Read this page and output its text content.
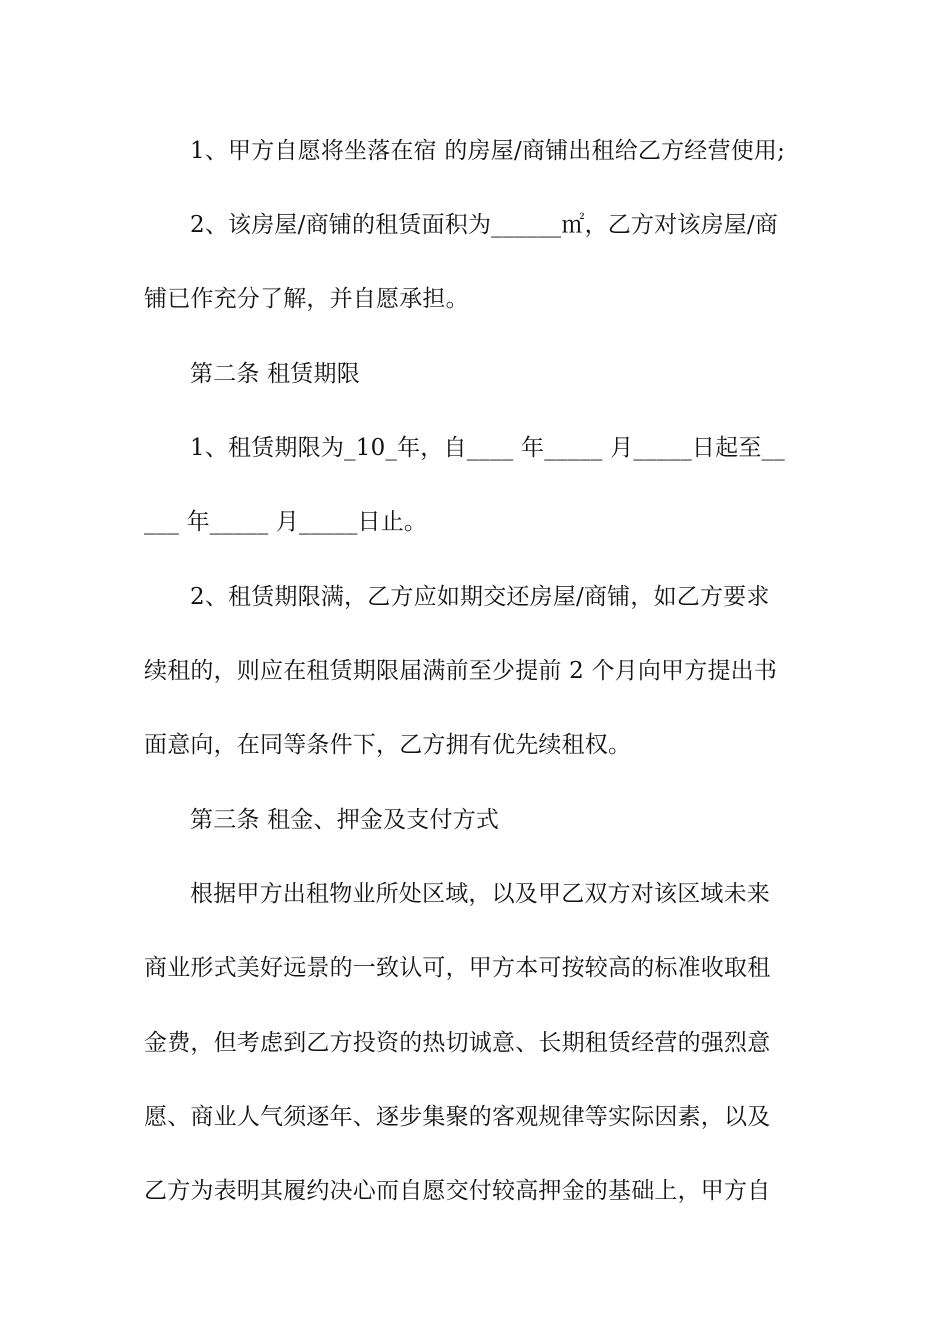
1、甲方自愿将坐落在宿 的房屋/商铺出租给乙方经营使用;
2、该房屋/商铺的租赁面积为______㎡，乙方对该房屋/商
铺已作充分了解，并自愿承担。
第二条 租赁期限
1、租赁期限为_10_年，自____ 年_____ 月_____日起至__
___ 年_____ 月_____日止。
2、租赁期限满，乙方应如期交还房屋/商铺，如乙方要求
续租的，则应在租赁期限届满前至少提前 2 个月向甲方提出书
面意向，在同等条件下，乙方拥有优先续租权。
第三条 租金、押金及支付方式
根据甲方出租物业所处区域，以及甲乙双方对该区域未来
商业形式美好远景的一致认可，甲方本可按较高的标准收取租
金费，但考虑到乙方投资的热切诚意、长期租赁经营的强烈意
愿、商业人气须逐年、逐步集聚的客观规律等实际因素，以及
乙方为表明其履约决心而自愿交付较高押金的基础上，甲方自
